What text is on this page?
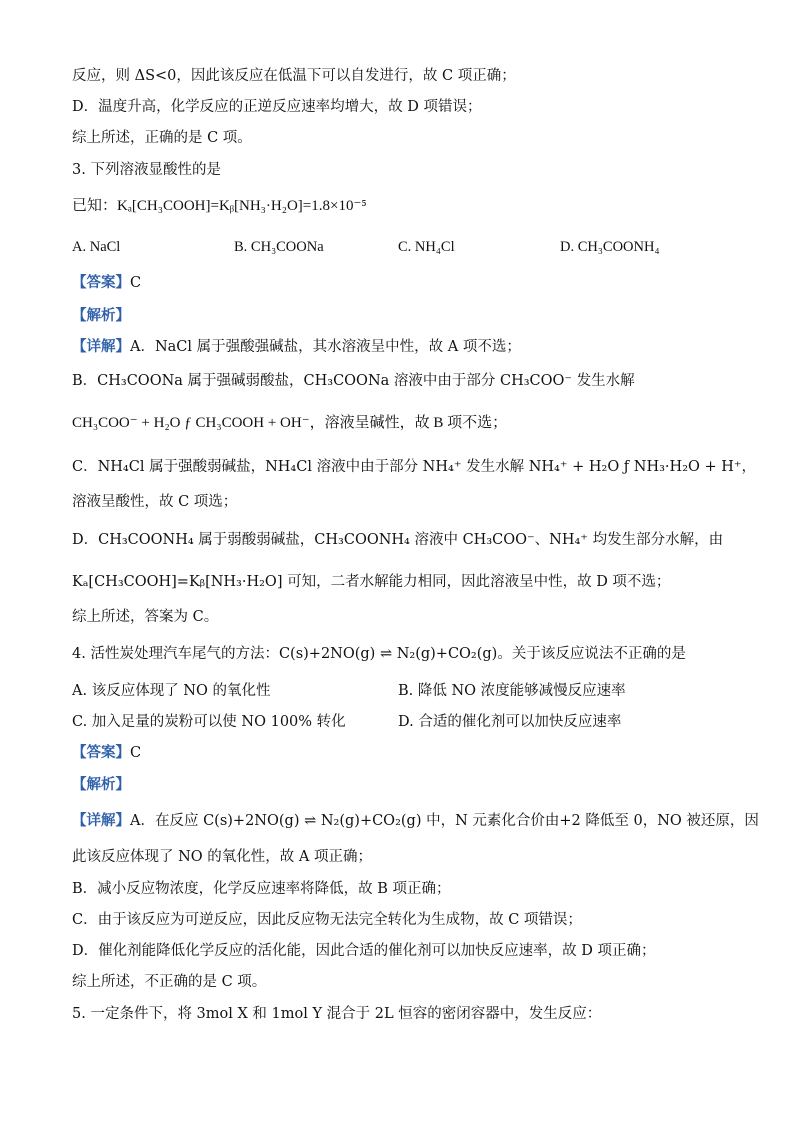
反应，则 ΔS<0，因此该反应在低温下可以自发进行，故 C 项正确；
D．温度升高，化学反应的正逆反应速率均增大，故 D 项错误；
综上所述，正确的是 C 项。
3. 下列溶液显酸性的是
已知：Kₐ[CH₃COOH]=Kᵦ[NH₃·H₂O]=1.8×10⁻⁵
A. NaCl	B. CH₃COONa	C. NH₄Cl	D. CH₃COONH₄
【答案】C
【解析】
【详解】A．NaCl 属于强酸强碱盐，其水溶液呈中性，故 A 项不选；
B．CH₃COONa 属于强碱弱酸盐，CH₃COONa 溶液中由于部分 CH₃COO⁻ 发生水解
CH₃COO⁻ + H₂O ƒ CH₃COOH + OH⁻，溶液呈碱性，故 B 项不选；
C．NH₄Cl 属于强酸弱碱盐，NH₄Cl 溶液中由于部分 NH₄⁺ 发生水解 NH₄⁺ + H₂O ƒ NH₃·H₂O + H⁺，
溶液呈酸性，故 C 项选；
D．CH₃COONH₄ 属于弱酸弱碱盐，CH₃COONH₄ 溶液中 CH₃COO⁻、NH₄⁺ 均发生部分水解，由
Kₐ[CH₃COOH]=Kᵦ[NH₃·H₂O] 可知，二者水解能力相同，因此溶液呈中性，故 D 项不选；
综上所述，答案为 C。
4. 活性炭处理汽车尾气的方法：C(s)+2NO(g) ⇌ N₂(g)+CO₂(g)。关于该反应说法不正确的是
A. 该反应体现了 NO 的氧化性	B. 降低 NO 浓度能够减慢反应速率
C. 加入足量的炭粉可以使 NO 100% 转化	D. 合适的催化剂可以加快反应速率
【答案】C
【解析】
【详解】A．在反应 C(s)+2NO(g) ⇌ N₂(g)+CO₂(g) 中，N 元素化合价由+2 降低至 0，NO 被还原，因
此该反应体现了 NO 的氧化性，故 A 项正确；
B．减小反应物浓度，化学反应速率将降低，故 B 项正确；
C．由于该反应为可逆反应，因此反应物无法完全转化为生成物，故 C 项错误；
D．催化剂能降低化学反应的活化能，因此合适的催化剂可以加快反应速率，故 D 项正确；
综上所述，不正确的是 C 项。
5. 一定条件下，将 3mol X 和 1mol Y 混合于 2L 恒容的密闭容器中，发生反应：
